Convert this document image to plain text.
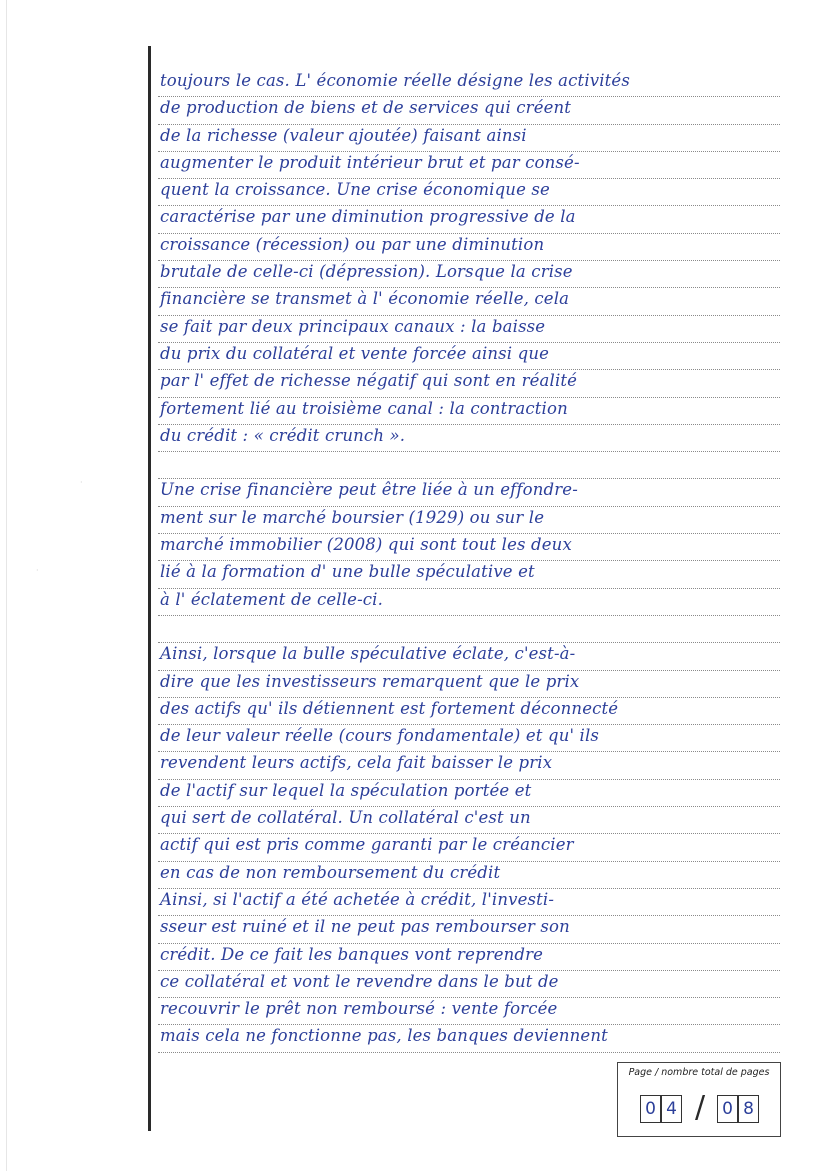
·
·
toujours le cas. L' économie réelle désigne les activités
de production de biens et de services qui créent
de la richesse (valeur ajoutée) faisant ainsi
augmenter le produit intérieur brut et par consé-
quent la croissance. Une crise économique se
caractérise par une diminution progressive de la
croissance (récession) ou par une diminution
brutale de celle-ci (dépression). Lorsque la crise
financière se transmet à l' économie réelle, cela
se fait par deux principaux canaux : la baisse
du prix du collatéral et vente forcée ainsi que
par l' effet de richesse négatif qui sont en réalité
fortement lié au troisième canal : la contraction
du crédit : « crédit crunch ».
Une crise financière peut être liée à un effondre-
ment sur le marché boursier (1929) ou sur le
marché immobilier (2008) qui sont tout les deux
lié à la formation d' une bulle spéculative et
à l' éclatement de celle-ci.
Ainsi, lorsque la bulle spéculative éclate, c'est-à-
dire que les investisseurs remarquent que le prix
des actifs qu' ils détiennent est fortement déconnecté
de leur valeur réelle (cours fondamentale) et qu' ils
revendent leurs actifs, cela fait baisser le prix
de l'actif sur lequel la spéculation portée et
qui sert de collatéral. Un collatéral c'est un
actif qui est pris comme garanti par le créancier
en cas de non remboursement du crédit
Ainsi, si l'actif a été achetée à crédit, l'investi-
sseur est ruiné et il ne peut pas rembourser son
crédit. De ce fait les banques vont reprendre
ce collatéral et vont le revendre dans le but de
recouvrir le prêt non remboursé : vente forcée
mais cela ne fonctionne pas, les banques deviennent
Page / nombre total de pages
0 4 /	0 8
